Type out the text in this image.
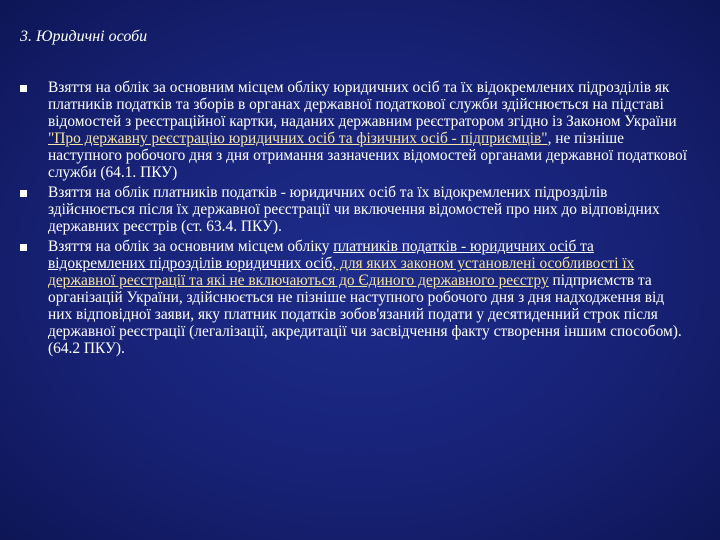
3. Юридичні особи
Взяття на облік за основним місцем обліку юридичних осіб та їх відокремлених підрозділів як платників податків та зборів в органах державної податкової служби здійснюється на підставі відомостей з реєстраційної картки, наданих державним реєстратором згідно із Законом України "Про державну реєстрацію юридичних осіб та фізичних осіб - підприємців", не пізніше наступного робочого дня з дня отримання зазначених відомостей органами державної податкової служби (64.1. ПКУ)
Взяття на облік платників податків - юридичних осіб та їх відокремлених підрозділів здійснюється після їх державної реєстрації чи включення відомостей про них до відповідних державних реєстрів (ст. 63.4. ПКУ).
Взяття на облік за основним місцем обліку платників податків - юридичних осіб та відокремлених підрозділів юридичних осіб, для яких законом установлені особливості їх державної реєстрації та які не включаються до Єдиного державного реєстру підприємств та організацій України, здійснюється не пізніше наступного робочого дня з дня надходження від них відповідної заяви, яку платник податків зобов'язаний подати у десятиденний строк після державної реєстрації (легалізації, акредитації чи засвідчення факту створення іншим способом). (64.2 ПКУ).
